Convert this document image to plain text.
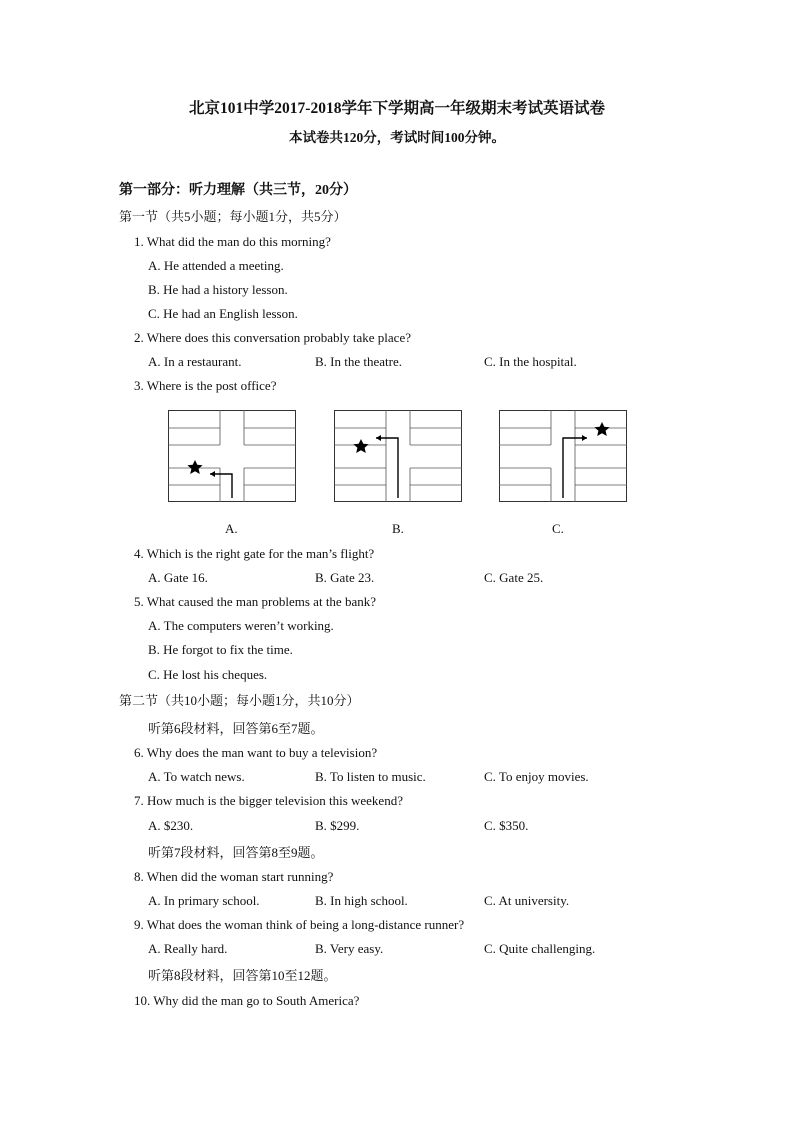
北京101中学2017-2018学年下学期高一年级期末考试英语试卷
本试卷共120分，考试时间100分钟。
第一部分：听力理解（共三节，20分）
第一节（共5小题；每小题1分，共5分）
1. What did the man do this morning?
A. He attended a meeting.
B. He had a history lesson.
C. He had an English lesson.
2. Where does this conversation probably take place?
A. In a restaurant.	B. In the theatre.	C. In the hospital.
3. Where is the post office?
A.	B.	C.
4. Which is the right gate for the man’s flight?
A. Gate 16.	B. Gate 23.	C. Gate 25.
5. What caused the man problems at the bank?
A. The computers weren’t working.
B. He forgot to fix the time.
C. He lost his cheques.
第二节（共10小题；每小题1分，共10分）
听第6段材料，回答第6至7题。
6. Why does the man want to buy a television?
A. To watch news.	B. To listen to music.	C. To enjoy movies.
7. How much is the bigger television this weekend?
A. $230.	B. $299.	C. $350.
听第7段材料，回答第8至9题。
8. When did the woman start running?
A. In primary school.	B. In high school.	C. At university.
9. What does the woman think of being a long-distance runner?
A. Really hard.	B. Very easy.	C. Quite challenging.
听第8段材料，回答第10至12题。
10. Why did the man go to South America?
